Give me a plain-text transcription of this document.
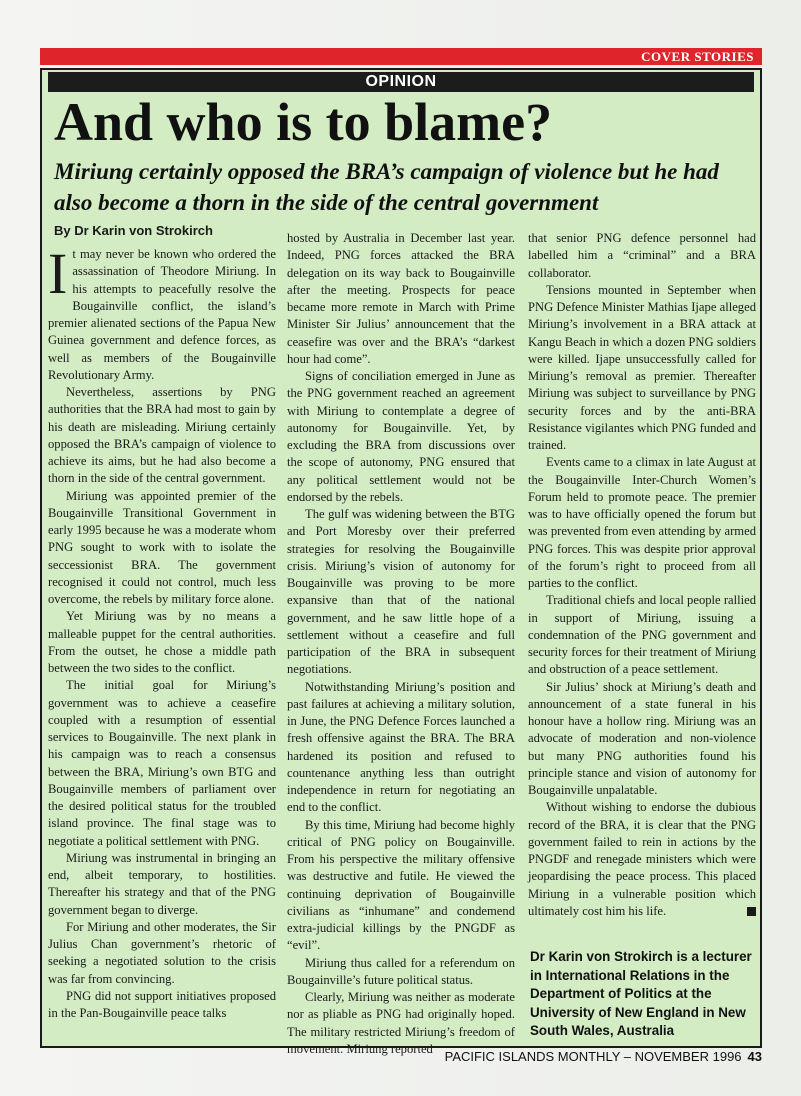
COVER STORIES
OPINION
And who is to blame?
Miriung certainly opposed the BRA’s campaign of violence but he had also become a thorn in the side of the central government
By Dr Karin von Strokirch

It may never be known who ordered the assassination of Theodore Miriung. In his attempts to peacefully resolve the Bougainville conflict, the island’s premier alienated sections of the Papua New Guinea government and defence forces, as well as members of the Bougainville Revolutionary Army.

Nevertheless, assertions by PNG authorities that the BRA had most to gain by his death are misleading. Miriung certainly opposed the BRA’s campaign of violence to achieve its aims, but he had also become a thorn in the side of the central government.

Miriung was appointed premier of the Bougainville Transitional Government in early 1995 because he was a moderate whom PNG sought to work with to isolate the seccessionist BRA. The government recognised it could not control, much less overcome, the rebels by military force alone.

Yet Miriung was by no means a malleable puppet for the central authorities. From the outset, he chose a middle path between the two sides to the conflict.

The initial goal for Miriung’s government was to achieve a ceasefire coupled with a resumption of essential services to Bougainville. The next plank in his campaign was to reach a consensus between the BRA, Miriung’s own BTG and Bougainville members of parliament over the desired political status for the troubled island province. The final stage was to negotiate a political settlement with PNG.

Miriung was instrumental in bringing an end, albeit temporary, to hostilities. Thereafter his strategy and that of the PNG government began to diverge.

For Miriung and other moderates, the Sir Julius Chan government’s rhetoric of seeking a negotiated solution to the crisis was far from convincing.

PNG did not support initiatives proposed in the Pan-Bougainville peace talks

hosted by Australia in December last year. Indeed, PNG forces attacked the BRA delegation on its way back to Bougainville after the meeting. Prospects for peace became more remote in March with Prime Minister Sir Julius’ announcement that the ceasefire was over and the BRA’s “darkest hour had come”.

Signs of conciliation emerged in June as the PNG government reached an agreement with Miriung to contemplate a degree of autonomy for Bougainville. Yet, by excluding the BRA from discussions over the scope of autonomy, PNG ensured that any political settlement would not be endorsed by the rebels.

The gulf was widening between the BTG and Port Moresby over their preferred strategies for resolving the Bougainville crisis. Miriung’s vision of autonomy for Bougainville was proving to be more expansive than that of the national government, and he saw little hope of a settlement without a ceasefire and full participation of the BRA in subsequent negotiations.

Notwithstanding Miriung’s position and past failures at achieving a military solution, in June, the PNG Defence Forces launched a fresh offensive against the BRA. The BRA hardened its position and refused to countenance anything less than outright independence in return for negotiating an end to the conflict.

By this time, Miriung had become highly critical of PNG policy on Bougainville. From his perspective the military offensive was destructive and futile. He viewed the continuing deprivation of Bougainville civilians as “inhumane” and condemend extra-judicial killings by the PNGDF as “evil”.

Miriung thus called for a referendum on Bougainville’s future political status.

Clearly, Miriung was neither as moderate nor as pliable as PNG had originally hoped. The military restricted Miriung’s freedom of movement. Miriung reported

that senior PNG defence personnel had labelled him a “criminal” and a BRA collaborator.

Tensions mounted in September when PNG Defence Minister Mathias Ijape alleged Miriung’s involvement in a BRA attack at Kangu Beach in which a dozen PNG soldiers were killed. Ijape unsuccessfully called for Miriung’s removal as premier. Thereafter Miriung was subject to surveillance by PNG security forces and by the anti-BRA Resistance vigilantes which PNG funded and trained.

Events came to a climax in late August at the Bougainville Inter-Church Women’s Forum held to promote peace. The premier was to have officially opened the forum but was prevented from even attending by armed PNG forces. This was despite prior approval of the forum’s right to proceed from all parties to the conflict.

Traditional chiefs and local people rallied in support of Miriung, issuing a condemnation of the PNG government and security forces for their treatment of Miriung and obstruction of a peace settlement.

Sir Julius’ shock at Miriung’s death and announcement of a state funeral in his honour have a hollow ring. Miriung was an advocate of moderation and non-violence but many PNG authorities found his principle stance and vision of autonomy for Bougainville unpalatable.

Without wishing to endorse the dubious record of the BRA, it is clear that the PNG government failed to rein in actions by the PNGDF and renegade ministers which were jeopardising the peace process. This placed Miriung in a vulnerable position which ultimately cost him his life.

Dr Karin von Strokirch is a lecturer in International Relations in the Department of Politics at the University of New England in New South Wales, Australia
PACIFIC ISLANDS MONTHLY – NOVEMBER 1996 43
